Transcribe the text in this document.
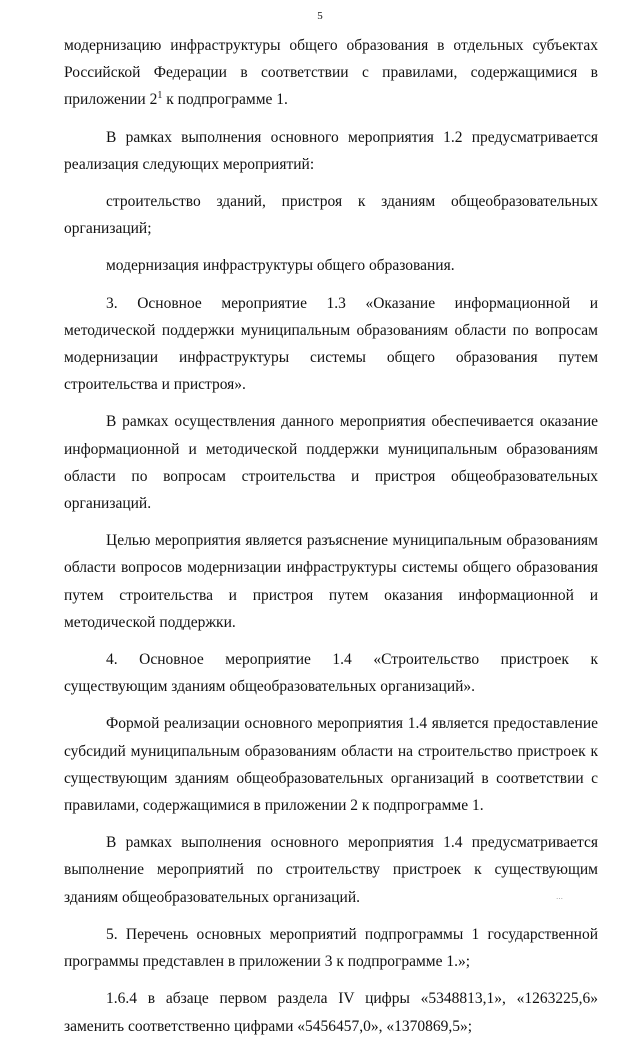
5

модернизацию инфраструктуры общего образования в отдельных субъектах Российской Федерации в соответствии с правилами, содержащимися в приложении $2^1$ к подпрограмме 1.

В рамках выполнения основного мероприятия 1.2 предусматривается реализация следующих мероприятий:

строительство зданий, пристроя к зданиям общеобразовательных организаций;

модернизация инфраструктуры общего образования.

3. Основное мероприятие 1.3 «Оказание информационной и методической поддержки муниципальным образованиям области по вопросам модернизации инфраструктуры системы общего образования путем строительства и пристроя».

В рамках осуществления данного мероприятия обеспечивается оказание информационной и методической поддержки муниципальным образованиям области по вопросам строительства и пристроя общеобразовательных организаций.

Целью мероприятия является разъяснение муниципальным образованиям области вопросов модернизации инфраструктуры системы общего образования путем строительства и пристроя путем оказания информационной и методической поддержки.

4. Основное мероприятие 1.4 «Строительство пристроек к существующим зданиям общеобразовательных организаций».

Формой реализации основного мероприятия 1.4 является предоставление субсидий муниципальным образованиям области на строительство пристроек к существующим зданиям общеобразовательных организаций в соответствии с правилами, содержащимися в приложении 2 к подпрограмме 1.

В рамках выполнения основного мероприятия 1.4 предусматривается выполнение мероприятий по строительству пристроек к существующим зданиям общеобразовательных организаций.

5. Перечень основных мероприятий подпрограммы 1 государственной программы представлен в приложении 3 к подпрограмме 1.»;

1.6.4 в абзаце первом раздела IV цифры «5348813,1», «1263225,6» заменить соответственно цифрами «5456457,0», «1370869,5»;

…
